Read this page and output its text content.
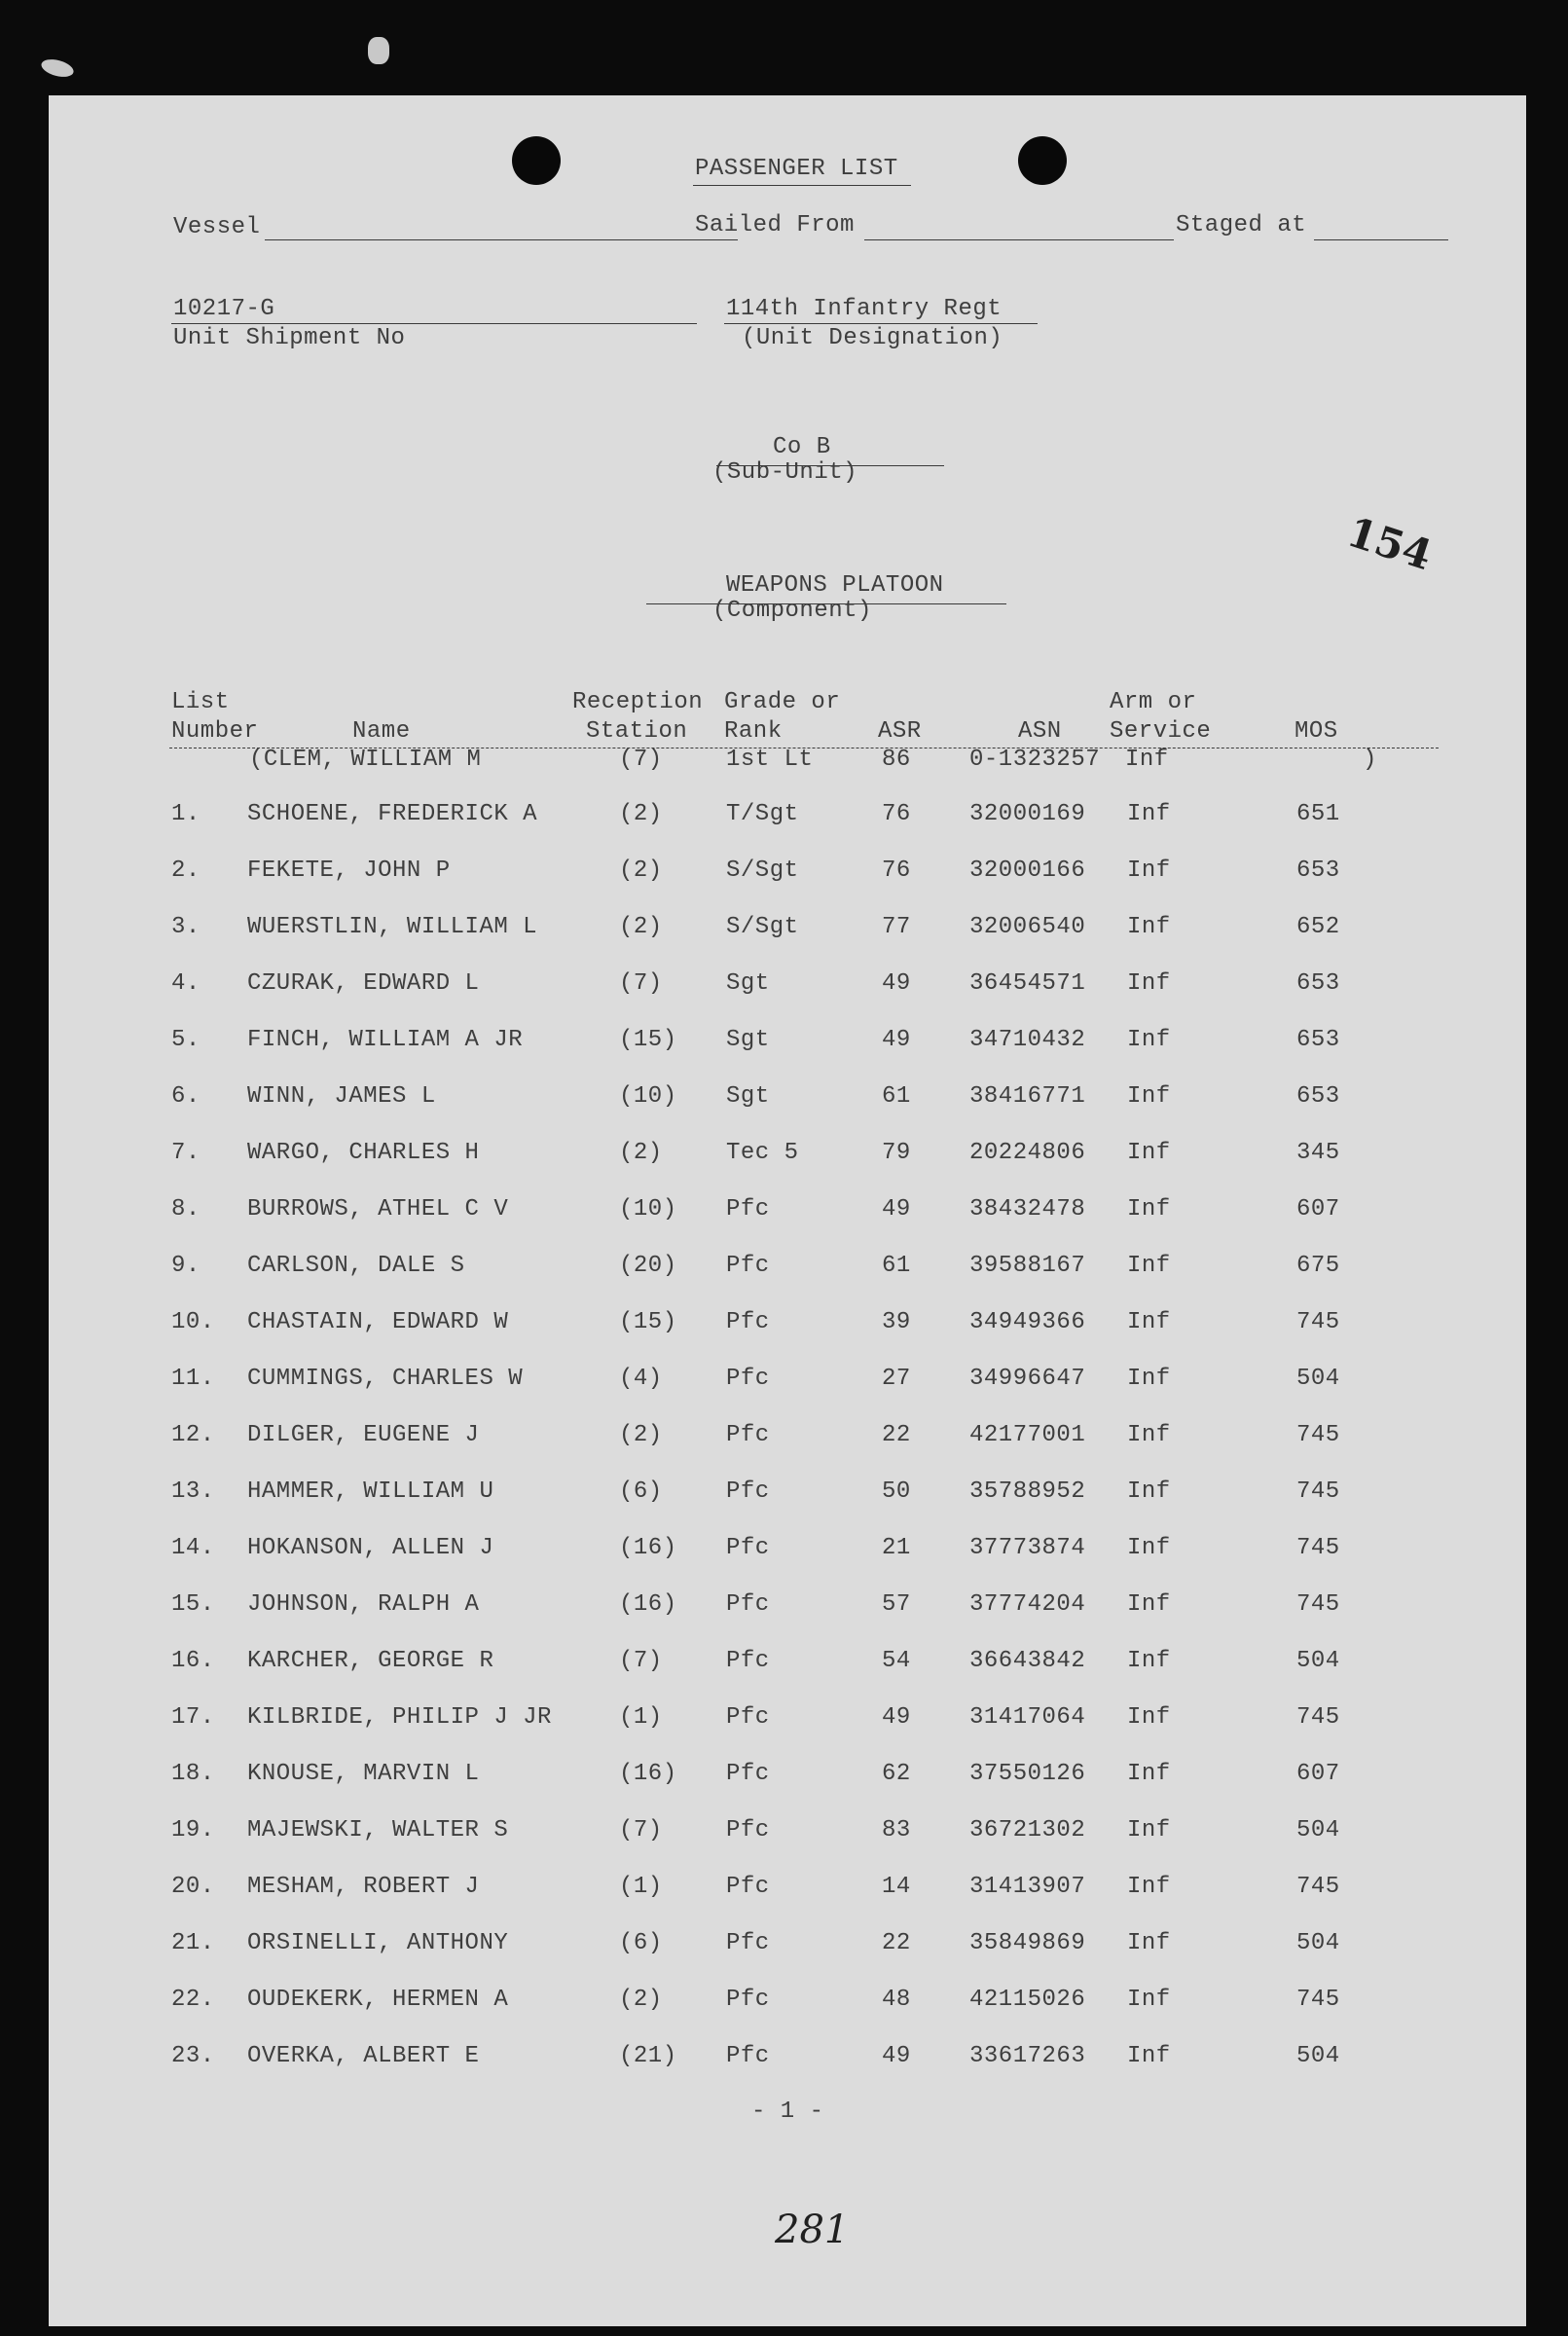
PASSENGER LIST
Vessel	Sailed From	Staged at
10217-G
Unit Shipment No
114th Infantry Regt
(Unit Designation)
Co B
(Sub-Unit)
154
WEAPONS PLATOON
(Component)
List
Number	Name
Reception
Station
Grade or
Rank	ASR	ASN
Arm or
Service	MOS
(CLEM, WILLIAM M	(7)	1st Lt	86	0-1323257 Inf	)
1. SCHOENE, FREDERICK A	(2)	T/Sgt	76	32000169 Inf	651
2. FEKETE, JOHN P	(2)	S/Sgt	76	32000166 Inf	653
3. WUERSTLIN, WILLIAM L	(2)	S/Sgt	77	32006540 Inf	652
4. CZURAK, EDWARD L	(7)	Sgt	49	36454571 Inf	653
5. FINCH, WILLIAM A JR	(15) Sgt	49	34710432 Inf	653
6. WINN, JAMES L	(10) Sgt	61	38416771 Inf	653
7. WARGO, CHARLES H	(2)	Tec 5	79	20224806 Inf	345
8. BURROWS, ATHEL C V	(10) Pfc	49	38432478 Inf	607
9. CARLSON, DALE S	(20) Pfc	61	39588167 Inf	675
10. CHASTAIN, EDWARD W	(15) Pfc	39	34949366 Inf	745
11. CUMMINGS, CHARLES W	(4)	Pfc	27	34996647 Inf	504
12. DILGER, EUGENE J	(2)	Pfc	22	42177001 Inf	745
13. HAMMER, WILLIAM U	(6)	Pfc	50	35788952 Inf	745
14. HOKANSON, ALLEN J	(16) Pfc	21	37773874 Inf	745
15. JOHNSON, RALPH A	(16) Pfc	57	37774204 Inf	745
16. KARCHER, GEORGE R	(7)	Pfc	54	36643842 Inf	504
17. KILBRIDE, PHILIP J JR	(1)	Pfc	49	31417064 Inf	745
18. KNOUSE, MARVIN L	(16) Pfc	62	37550126 Inf	607
19. MAJEWSKI, WALTER S	(7)	Pfc	83	36721302 Inf	504
20. MESHAM, ROBERT J	(1)	Pfc	14	31413907 Inf	745
21. ORSINELLI, ANTHONY	(6)	Pfc	22	35849869 Inf	504
22. OUDEKERK, HERMEN A	(2)	Pfc	48	42115026 Inf	745
23. OVERKA, ALBERT E	(21) Pfc	49	33617263 Inf	504
- 1 -
281
